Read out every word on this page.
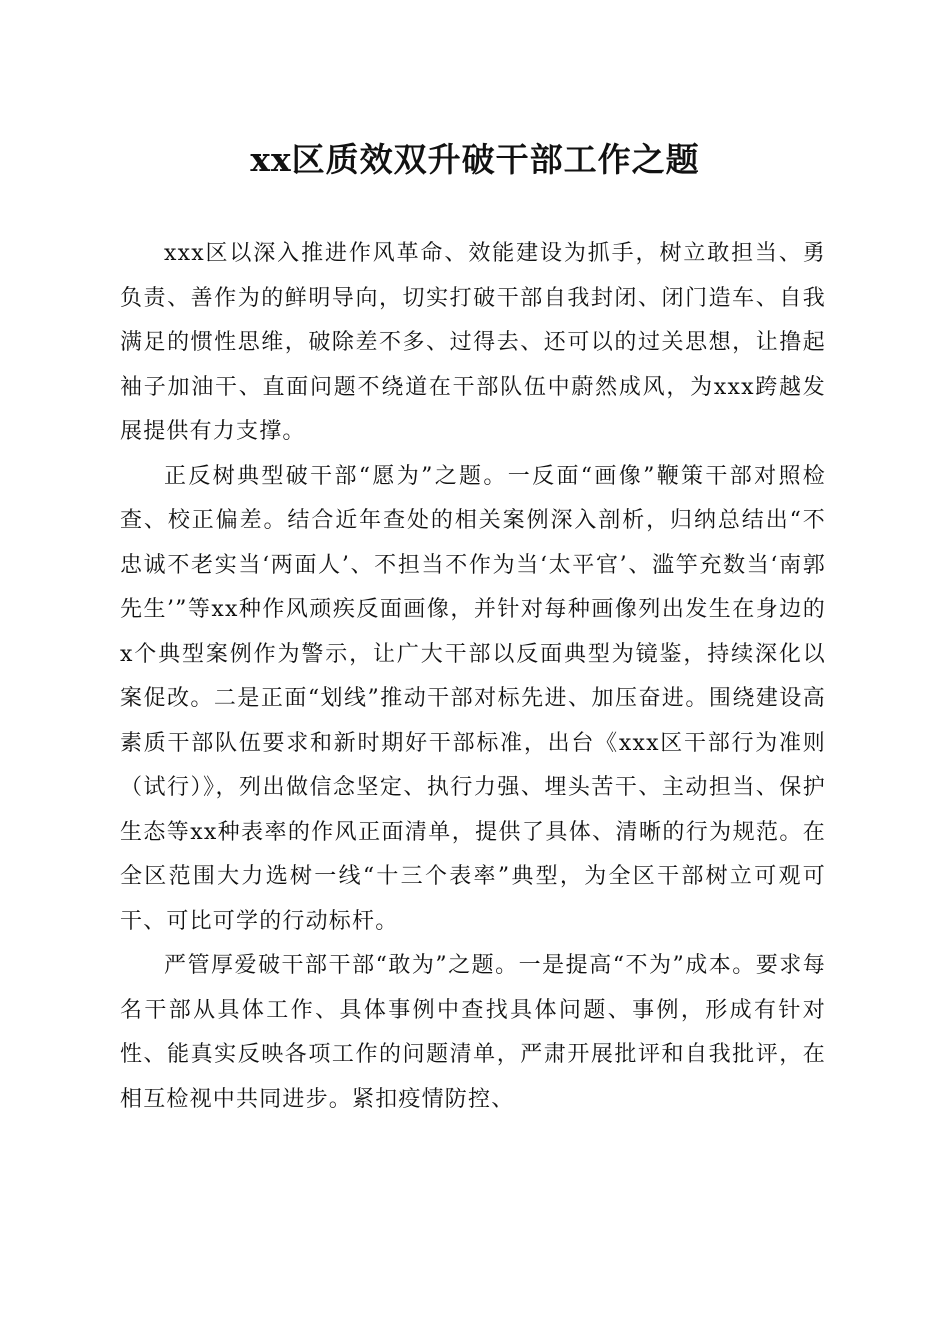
xx区质效双升破干部工作之题

xxx区以深入推进作风革命、效能建设为抓手，树立敢担当、勇负责、善作为的鲜明导向，切实打破干部自我封闭、闭门造车、自我满足的惯性思维，破除差不多、过得去、还可以的过关思想，让撸起袖子加油干、直面问题不绕道在干部队伍中蔚然成风，为xxx跨越发展提供有力支撑。

正反树典型破干部“愿为”之题。一反面“画像”鞭策干部对照检查、校正偏差。结合近年查处的相关案例深入剖析，归纳总结出“不忠诚不老实当‘两面人’、不担当不作为当‘太平官’、滥竽充数当‘南郭先生’”等xx种作风顽疾反面画像，并针对每种画像列出发生在身边的x个典型案例作为警示，让广大干部以反面典型为镜鉴，持续深化以案促改。二是正面“划线”推动干部对标先进、加压奋进。围绕建设高素质干部队伍要求和新时期好干部标准，出台《xxx区干部行为准则（试行）》，列出做信念坚定、执行力强、埋头苦干、主动担当、保护生态等xx种表率的作风正面清单，提供了具体、清晰的行为规范。在全区范围大力选树一线“十三个表率”典型，为全区干部树立可观可干、可比可学的行动标杆。

严管厚爱破干部干部“敢为”之题。一是提高“不为”成本。要求每名干部从具体工作、具体事例中查找具体问题、事例，形成有针对性、能真实反映各项工作的问题清单，严肃开展批评和自我批评，在相互检视中共同进步。紧扣疫情防控、
